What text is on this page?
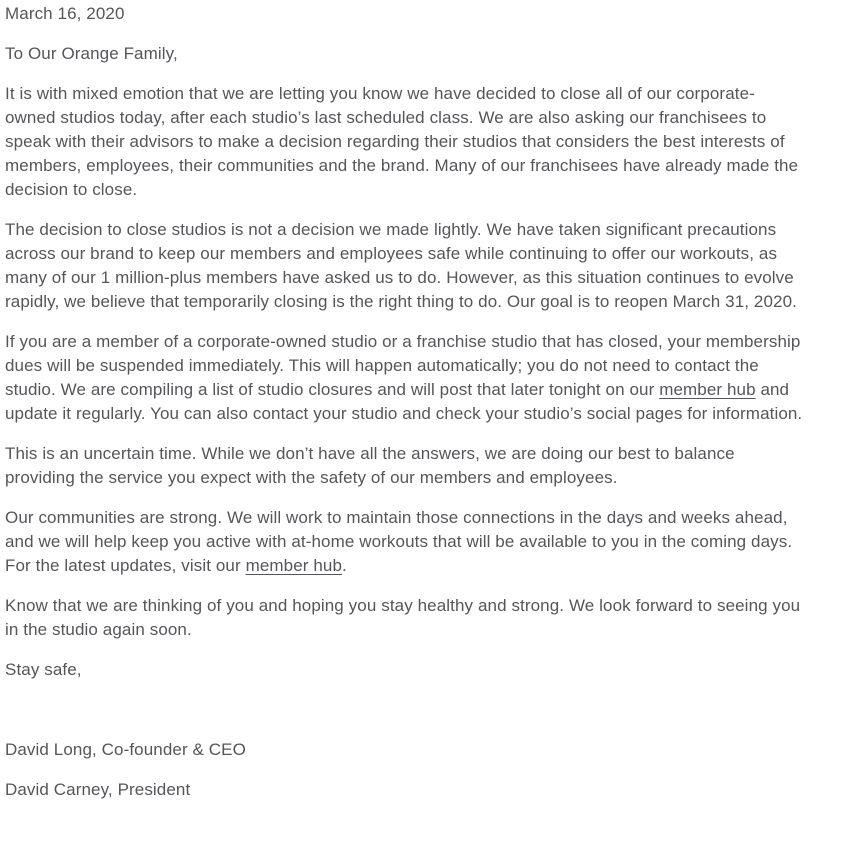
March 16, 2020

To Our Orange Family,

It is with mixed emotion that we are letting you know we have decided to close all of our corporate-owned studios today, after each studio’s last scheduled class. We are also asking our franchisees to speak with their advisors to make a decision regarding their studios that considers the best interests of members, employees, their communities and the brand. Many of our franchisees have already made the decision to close.

The decision to close studios is not a decision we made lightly. We have taken significant precautions across our brand to keep our members and employees safe while continuing to offer our workouts, as many of our 1 million-plus members have asked us to do. However, as this situation continues to evolve rapidly, we believe that temporarily closing is the right thing to do. Our goal is to reopen March 31, 2020.

If you are a member of a corporate-owned studio or a franchise studio that has closed, your membership dues will be suspended immediately. This will happen automatically; you do not need to contact the studio. We are compiling a list of studio closures and will post that later tonight on our member hub and update it regularly. You can also contact your studio and check your studio’s social pages for information.

This is an uncertain time. While we don’t have all the answers, we are doing our best to balance providing the service you expect with the safety of our members and employees.

Our communities are strong. We will work to maintain those connections in the days and weeks ahead, and we will help keep you active with at-home workouts that will be available to you in the coming days. For the latest updates, visit our member hub.

Know that we are thinking of you and hoping you stay healthy and strong. We look forward to seeing you in the studio again soon.

Stay safe,

David Long, Co-founder & CEO

David Carney, President
